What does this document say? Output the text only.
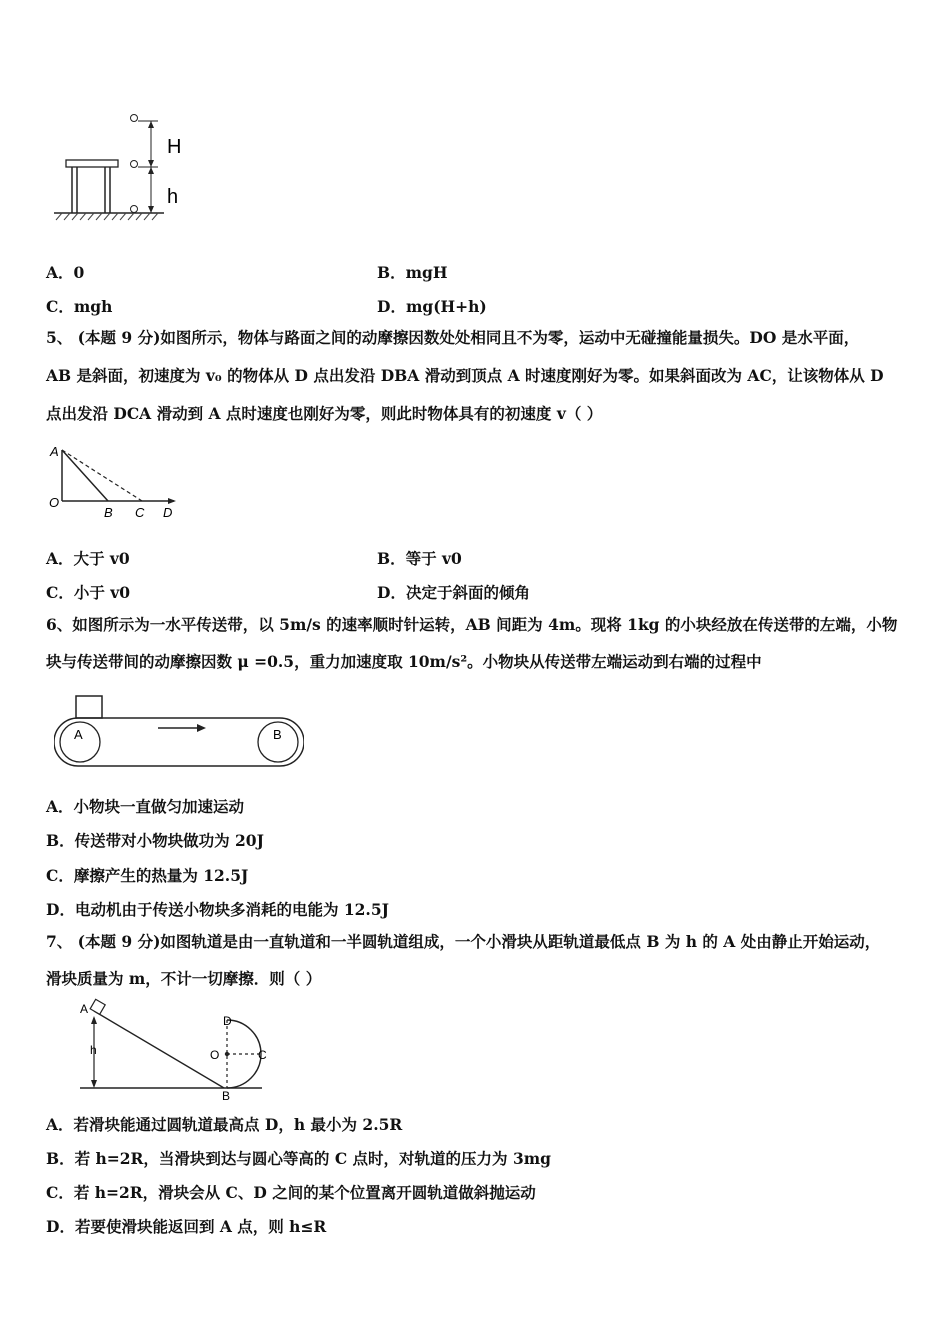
H
h
A．0	B．mgH
C．mgh	D．mg(H+h)
5、 (本题 9 分)如图所示，物体与路面之间的动摩擦因数处处相同且不为零，运动中无碰撞能量损失。DO 是水平面，
AB 是斜面，初速度为 v₀ 的物体从 D 点出发沿 DBA 滑动到顶点 A 时速度刚好为零。如果斜面改为 AC，让该物体从 D
点出发沿 DCA 滑动到 A 点时速度也刚好为零，则此时物体具有的初速度 v（ ）
A
O
B C D
A．大于 v0	B．等于 v0
C．小于 v0	D．决定于斜面的倾角
6、如图所示为一水平传送带，以 5m/s 的速率顺时针运转，AB 间距为 4m。现将 1kg 的小块经放在传送带的左端，小物
块与传送带间的动摩擦因数 μ =0.5，重力加速度取 10m/s²。小物块从传送带左端运动到右端的过程中
A	B
A．小物块一直做匀加速运动
B．传送带对小物块做功为 20J
C．摩擦产生的热量为 12.5J
D．电动机由于传送小物块多消耗的电能为 12.5J
7、 (本题 9 分)如图轨道是由一直轨道和一半圆轨道组成，一个小滑块从距轨道最低点 B 为 h 的 A 处由静止开始运动，
滑块质量为 m，不计一切摩擦．则（ ）
A
h
D
O	C
B
A．若滑块能通过圆轨道最高点 D，h 最小为 2.5R
B．若 h=2R，当滑块到达与圆心等高的 C 点时，对轨道的压力为 3mg
C．若 h=2R，滑块会从 C、D 之间的某个位置离开圆轨道做斜抛运动
D．若要使滑块能返回到 A 点，则 h≤R
